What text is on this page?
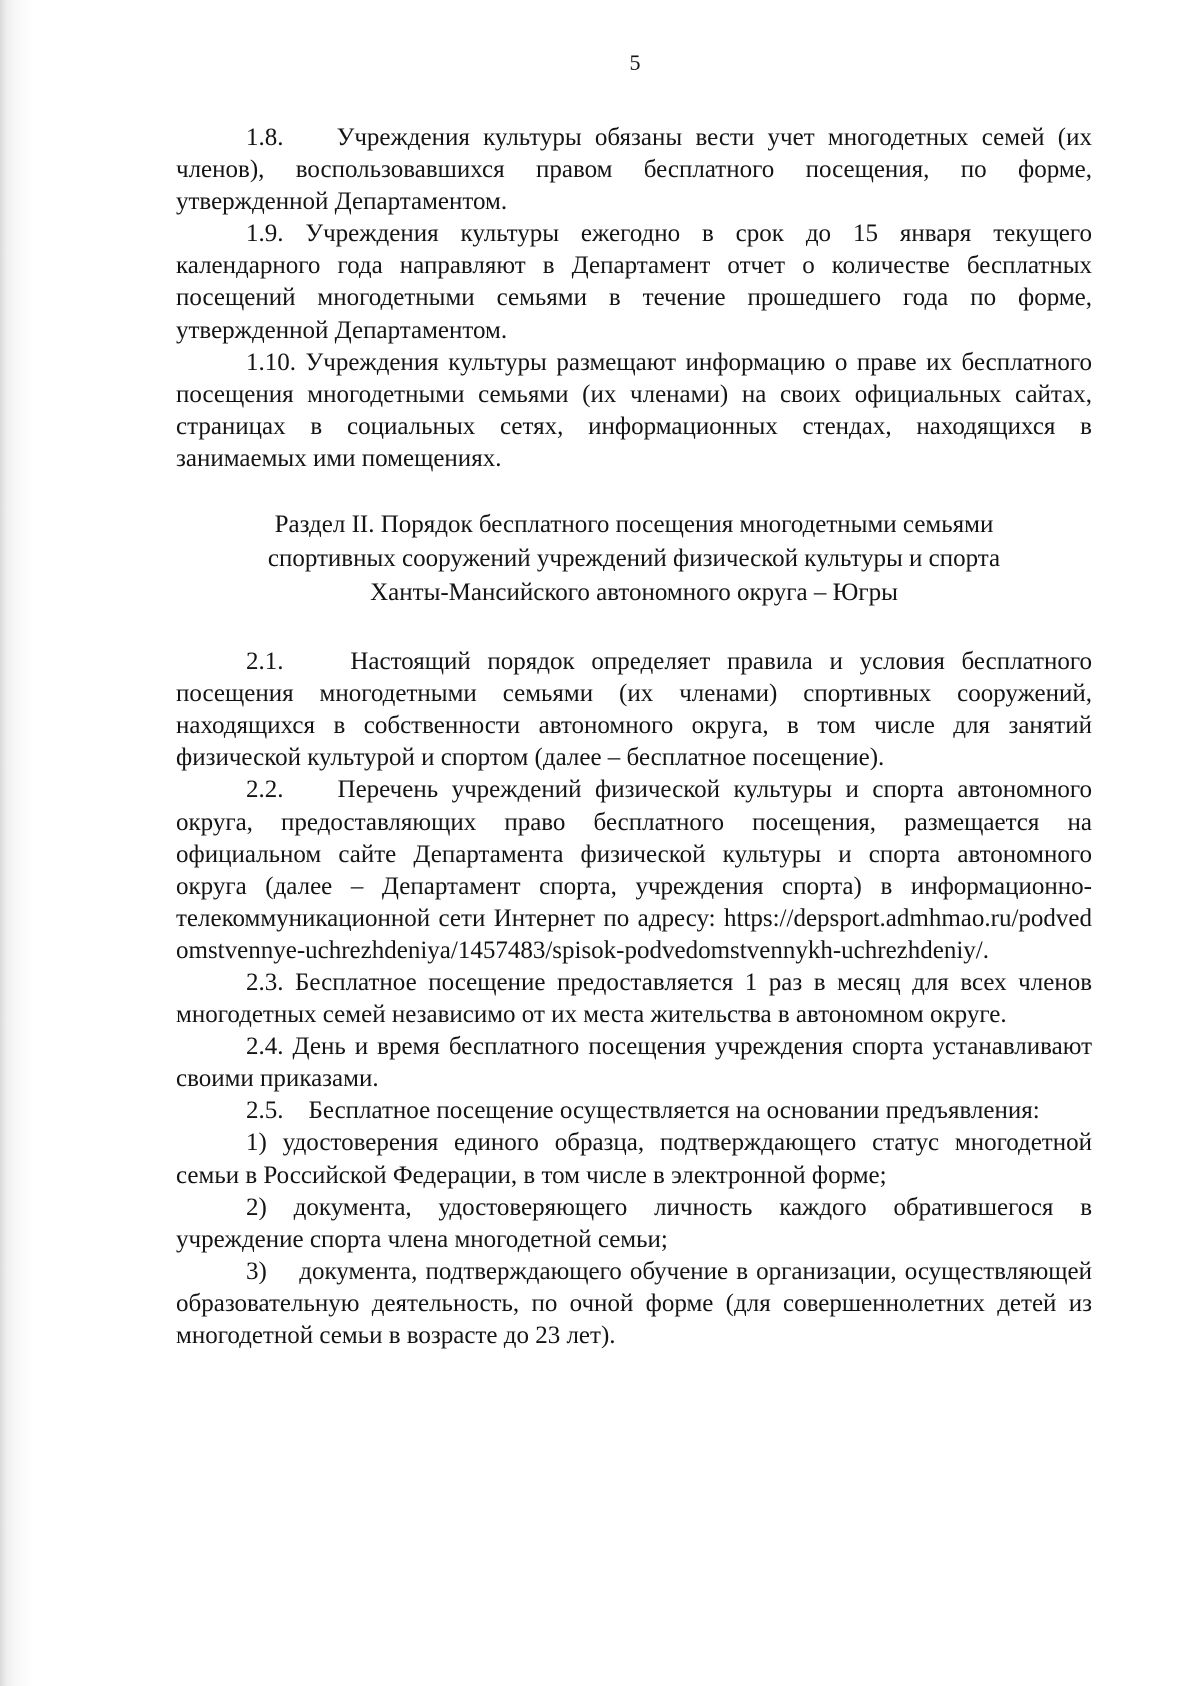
5

1.8. Учреждения культуры обязаны вести учет многодетных семей (их членов), воспользовавшихся правом бесплатного посещения, по форме, утвержденной Департаментом.

1.9. Учреждения культуры ежегодно в срок до 15 января текущего календарного года направляют в Департамент отчет о количестве бесплатных посещений многодетными семьями в течение прошедшего года по форме, утвержденной Департаментом.

1.10. Учреждения культуры размещают информацию о праве их бесплатного посещения многодетными семьями (их членами) на своих официальных сайтах, страницах в социальных сетях, информационных стендах, находящихся в занимаемых ими помещениях.

Раздел II. Порядок бесплатного посещения многодетными семьями
спортивных сооружений учреждений физической культуры и спорта
Ханты-Мансийского автономного округа – Югры

2.1.	Настоящий порядок определяет правила и условия бесплатного посещения многодетными семьями (их членами) спортивных сооружений, находящихся в собственности автономного округа, в том числе для занятий физической культурой и спортом (далее – бесплатное посещение).

2.2. Перечень учреждений физической культуры и спорта автономного округа, предоставляющих право бесплатного посещения, размещается на официальном сайте Департамента физической культуры и спорта автономного округа (далее – Департамент спорта, учреждения спорта) в информационно-телекоммуникационной сети Интернет по адресу: https://depsport.admhmao.ru/podvedomstvennye-uchrezhdeniya/1457483/spisok-podvedomstvennykh-uchrezhdeniy/.

2.3. Бесплатное посещение предоставляется 1 раз в месяц для всех членов многодетных семей независимо от их места жительства в автономном округе.

2.4. День и время бесплатного посещения учреждения спорта устанавливают своими приказами.

2.5. Бесплатное посещение осуществляется на основании предъявления:

1) удостоверения единого образца, подтверждающего статус многодетной семьи в Российской Федерации, в том числе в электронной форме;

2) документа, удостоверяющего личность каждого обратившегося в учреждение спорта члена многодетной семьи;

3) документа, подтверждающего обучение в организации, осуществляющей образовательную деятельность, по очной форме (для совершеннолетних детей из многодетной семьи в возрасте до 23 лет).
